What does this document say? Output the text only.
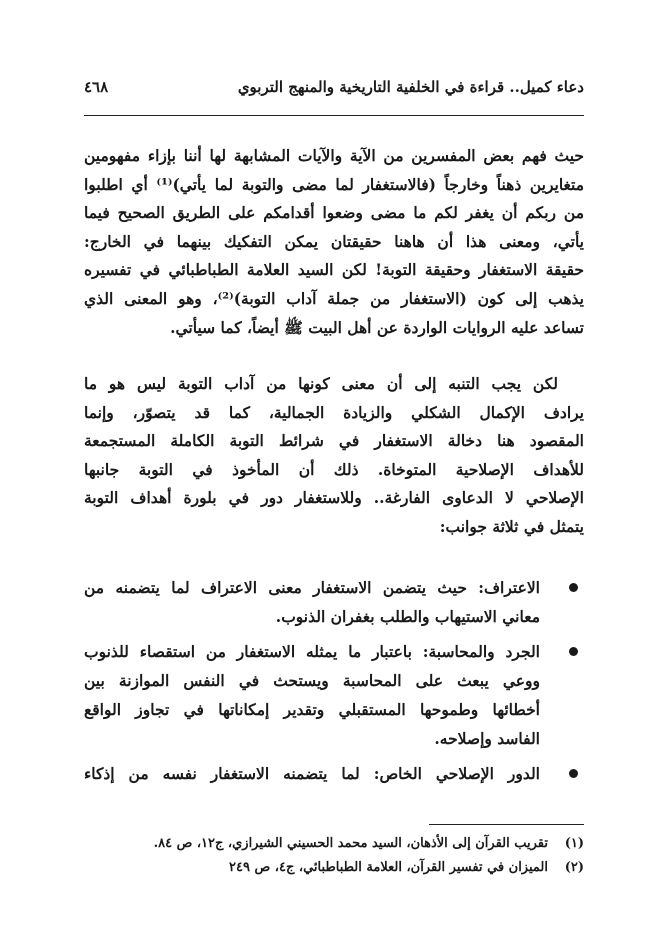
دعاء كميل.. قراءة في الخلفية التاريخية والمنهج التربوي
٤٦٨
حيث فهم بعض المفسرين من الآية والآيات المشابهة لها أننا بإزاء مفهومين
متغايرين ذهناً وخارجاً (فالاستغفار لما مضى والتوبة لما يأتي)⁽¹⁾ أي اطلبوا
من ربكم أن يغفر لكم ما مضى وضعوا أقدامكم على الطريق الصحيح فيما
يأتي، ومعنى هذا أن هاهنا حقيقتان يمكن التفكيك بينهما في الخارج:
حقيقة الاستغفار وحقيقة التوبة! لكن السيد العلامة الطباطبائي في تفسيره
يذهب إلى كون (الاستغفار من جملة آداب التوبة)⁽²⁾، وهو المعنى الذي
تساعد عليه الروايات الواردة عن أهل البيت ﷺ أيضاً، كما سيأتي.
لكن يجب التنبه إلى أن معنى كونها من آداب التوبة ليس هو ما
يرادف الإكمال الشكلي والزيادة الجمالية، كما قد يتصوّر، وإنما
المقصود هنا دخالة الاستغفار في شرائط التوبة الكاملة المستجمعة
للأهداف الإصلاحية المتوخاة. ذلك أن المأخوذ في التوبة جانبها
الإصلاحي لا الدعاوى الفارغة.. وللاستغفار دور في بلورة أهداف التوبة
يتمثل في ثلاثة جوانب:
الاعتراف: حيث يتضمن الاستغفار معنى الاعتراف لما يتضمنه من
معاني الاستيهاب والطلب بغفران الذنوب.
الجرد والمحاسبة: باعتبار ما يمثله الاستغفار من استقصاء للذنوب
ووعي يبعث على المحاسبة ويستحث في النفس الموازنة بين
أخطائها وطموحها المستقبلي وتقدير إمكاناتها في تجاوز الواقع
الفاسد وإصلاحه.
الدور الإصلاحي الخاص: لما يتضمنه الاستغفار نفسه من إذكاء
(١)
تقريب القرآن إلى الأذهان، السيد محمد الحسيني الشيرازي، ج١٢، ص ٨٤.
(٢)
الميزان في تفسير القرآن، العلامة الطباطبائي، ج٤، ص ٢٤٩
